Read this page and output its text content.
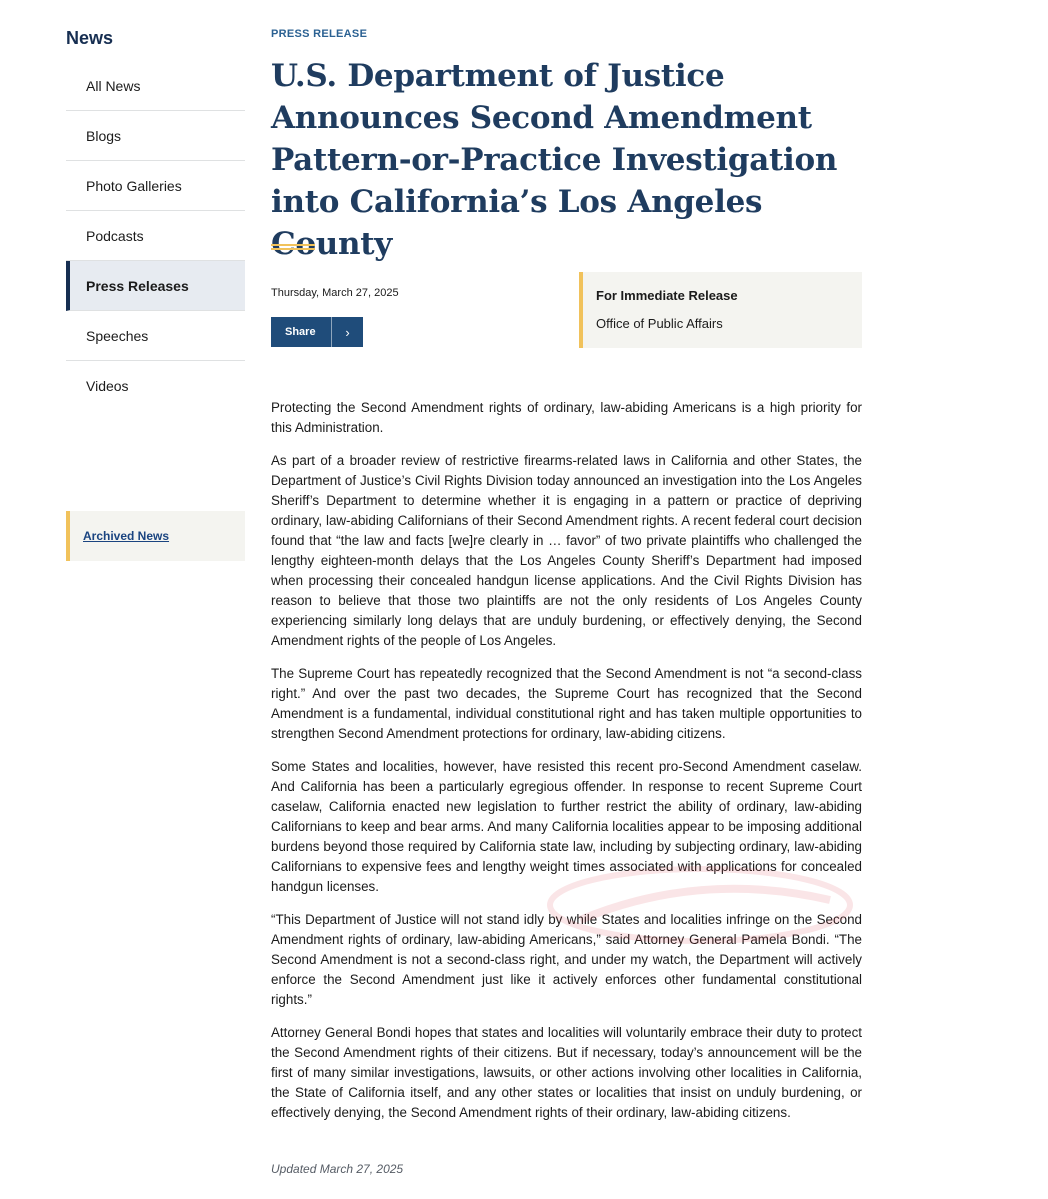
News
All News
Blogs
Photo Galleries
Podcasts
Press Releases
Speeches
Videos
Archived News
PRESS RELEASE
U.S. Department of Justice Announces Second Amendment Pattern-or-Practice Investigation into California’s Los Angeles County
Thursday, March 27, 2025
Share	›
For Immediate Release
Office of Public Affairs

Protecting the Second Amendment rights of ordinary, law-abiding Americans is a high priority for this Administration.

As part of a broader review of restrictive firearms-related laws in California and other States, the Department of Justice’s Civil Rights Division today announced an investigation into the Los Angeles Sheriff’s Department to determine whether it is engaging in a pattern or practice of depriving ordinary, law-abiding Californians of their Second Amendment rights. A recent federal court decision found that “the law and facts [we]re clearly in … favor” of two private plaintiffs who challenged the lengthy eighteen-month delays that the Los Angeles County Sheriff’s Department had imposed when processing their concealed handgun license applications. And the Civil Rights Division has reason to believe that those two plaintiffs are not the only residents of Los Angeles County experiencing similarly long delays that are unduly burdening, or effectively denying, the Second Amendment rights of the people of Los Angeles.

The Supreme Court has repeatedly recognized that the Second Amendment is not “a second-class right.” And over the past two decades, the Supreme Court has recognized that the Second Amendment is a fundamental, individual constitutional right and has taken multiple opportunities to strengthen Second Amendment protections for ordinary, law-abiding citizens.

Some States and localities, however, have resisted this recent pro-Second Amendment caselaw. And California has been a particularly egregious offender. In response to recent Supreme Court caselaw, California enacted new legislation to further restrict the ability of ordinary, law-abiding Californians to keep and bear arms. And many California localities appear to be imposing additional burdens beyond those required by California state law, including by subjecting ordinary, law-abiding Californians to expensive fees and lengthy weight times associated with applications for concealed handgun licenses.

“This Department of Justice will not stand idly by while States and localities infringe on the Second Amendment rights of ordinary, law-abiding Americans,” said Attorney General Pamela Bondi. “The Second Amendment is not a second-class right, and under my watch, the Department will actively enforce the Second Amendment just like it actively enforces other fundamental constitutional rights.”

Attorney General Bondi hopes that states and localities will voluntarily embrace their duty to protect the Second Amendment rights of their citizens. But if necessary, today’s announcement will be the first of many similar investigations, lawsuits, or other actions involving other localities in California, the State of California itself, and any other states or localities that insist on unduly burdening, or effectively denying, the Second Amendment rights of their ordinary, law-abiding citizens.

Updated March 27, 2025
